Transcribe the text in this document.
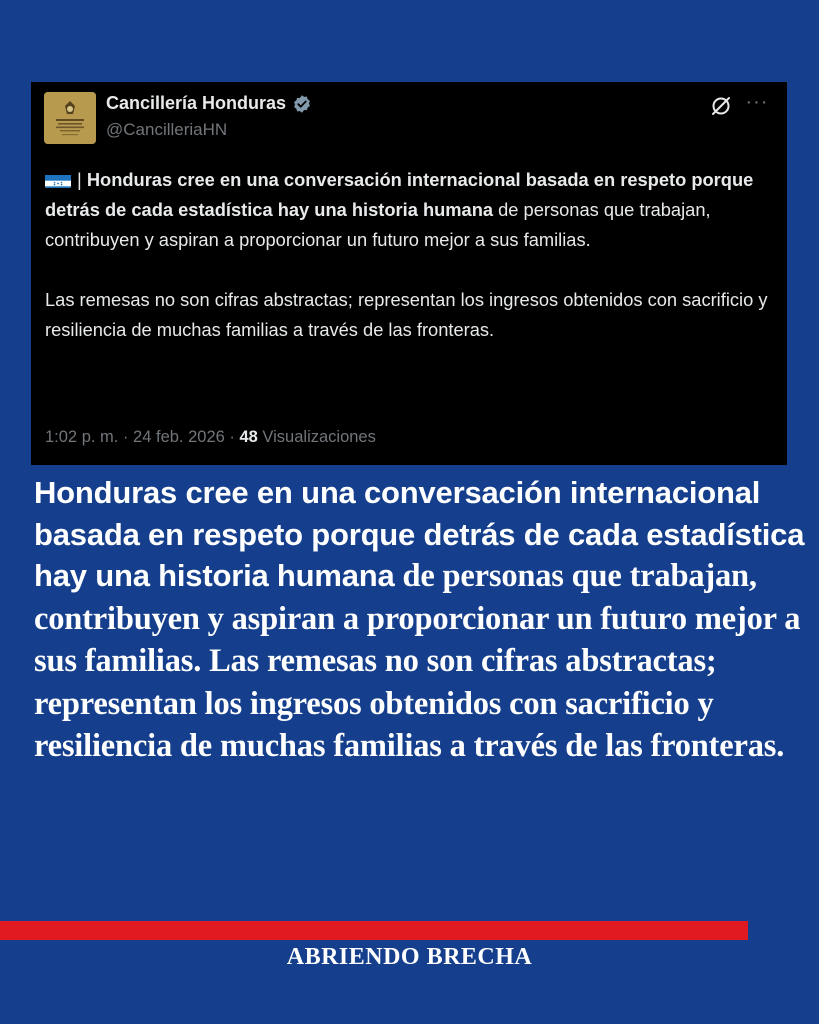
Cancillería Honduras
@CancilleriaHN
···

| Honduras cree en una conversación internacional basada en respeto porque detrás de cada estadística hay una historia humana de personas que trabajan, contribuyen y aspiran a proporcionar un futuro mejor a sus familias.

Las remesas no son cifras abstractas; representan los ingresos obtenidos con sacrificio y resiliencia de muchas familias a través de las fronteras.

1:02 p. m. · 24 feb. 2026 · 48 Visualizaciones
Honduras cree en una conversación internacional basada en respeto porque detrás de cada estadística hay una historia humana de personas que trabajan, contribuyen y aspiran a proporcionar un futuro mejor a sus familias. Las remesas no son cifras abstractas; representan los ingresos obtenidos con sacrificio y resiliencia de muchas familias a través de las fronteras.
ABRIENDO BRECHA
